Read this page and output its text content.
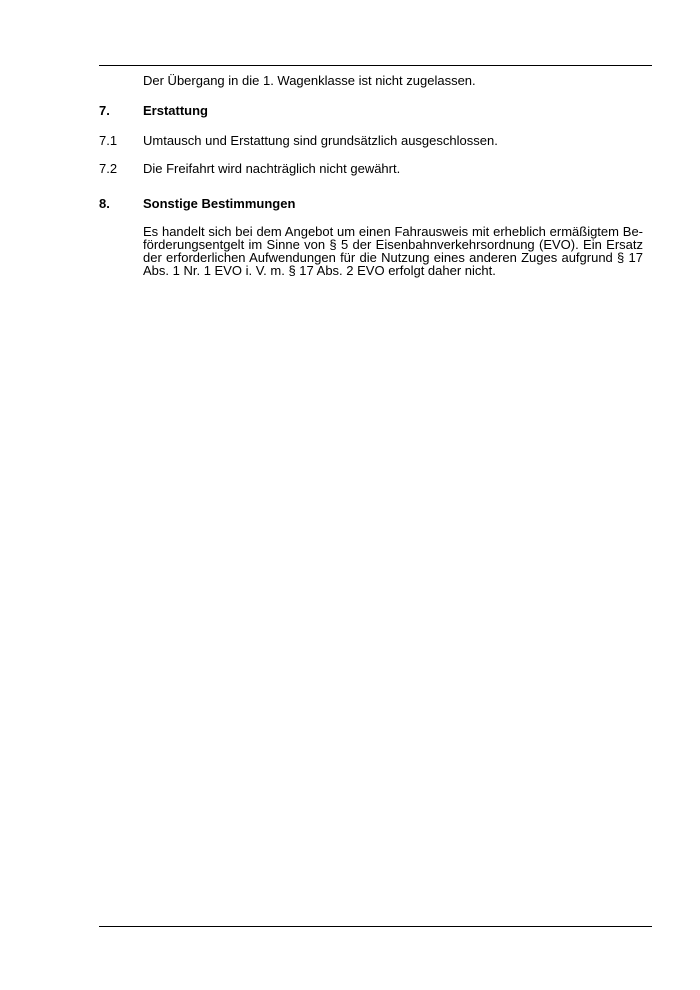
Der Übergang in die 1. Wagenklasse ist nicht zugelassen.
7.	Erstattung
7.1 Umtausch und Erstattung sind grundsätzlich ausgeschlossen.
7.2 Die Freifahrt wird nachträglich nicht gewährt.
8.	Sonstige Bestimmungen
Es handelt sich bei dem Angebot um einen Fahrausweis mit erheblich ermäßigtem Be-
förderungsentgelt im Sinne von § 5 der Eisenbahnverkehrsordnung (EVO). Ein Ersatz
der erforderlichen Aufwendungen für die Nutzung eines anderen Zuges aufgrund § 17
Abs. 1 Nr. 1 EVO i. V. m. § 17 Abs. 2 EVO erfolgt daher nicht.
